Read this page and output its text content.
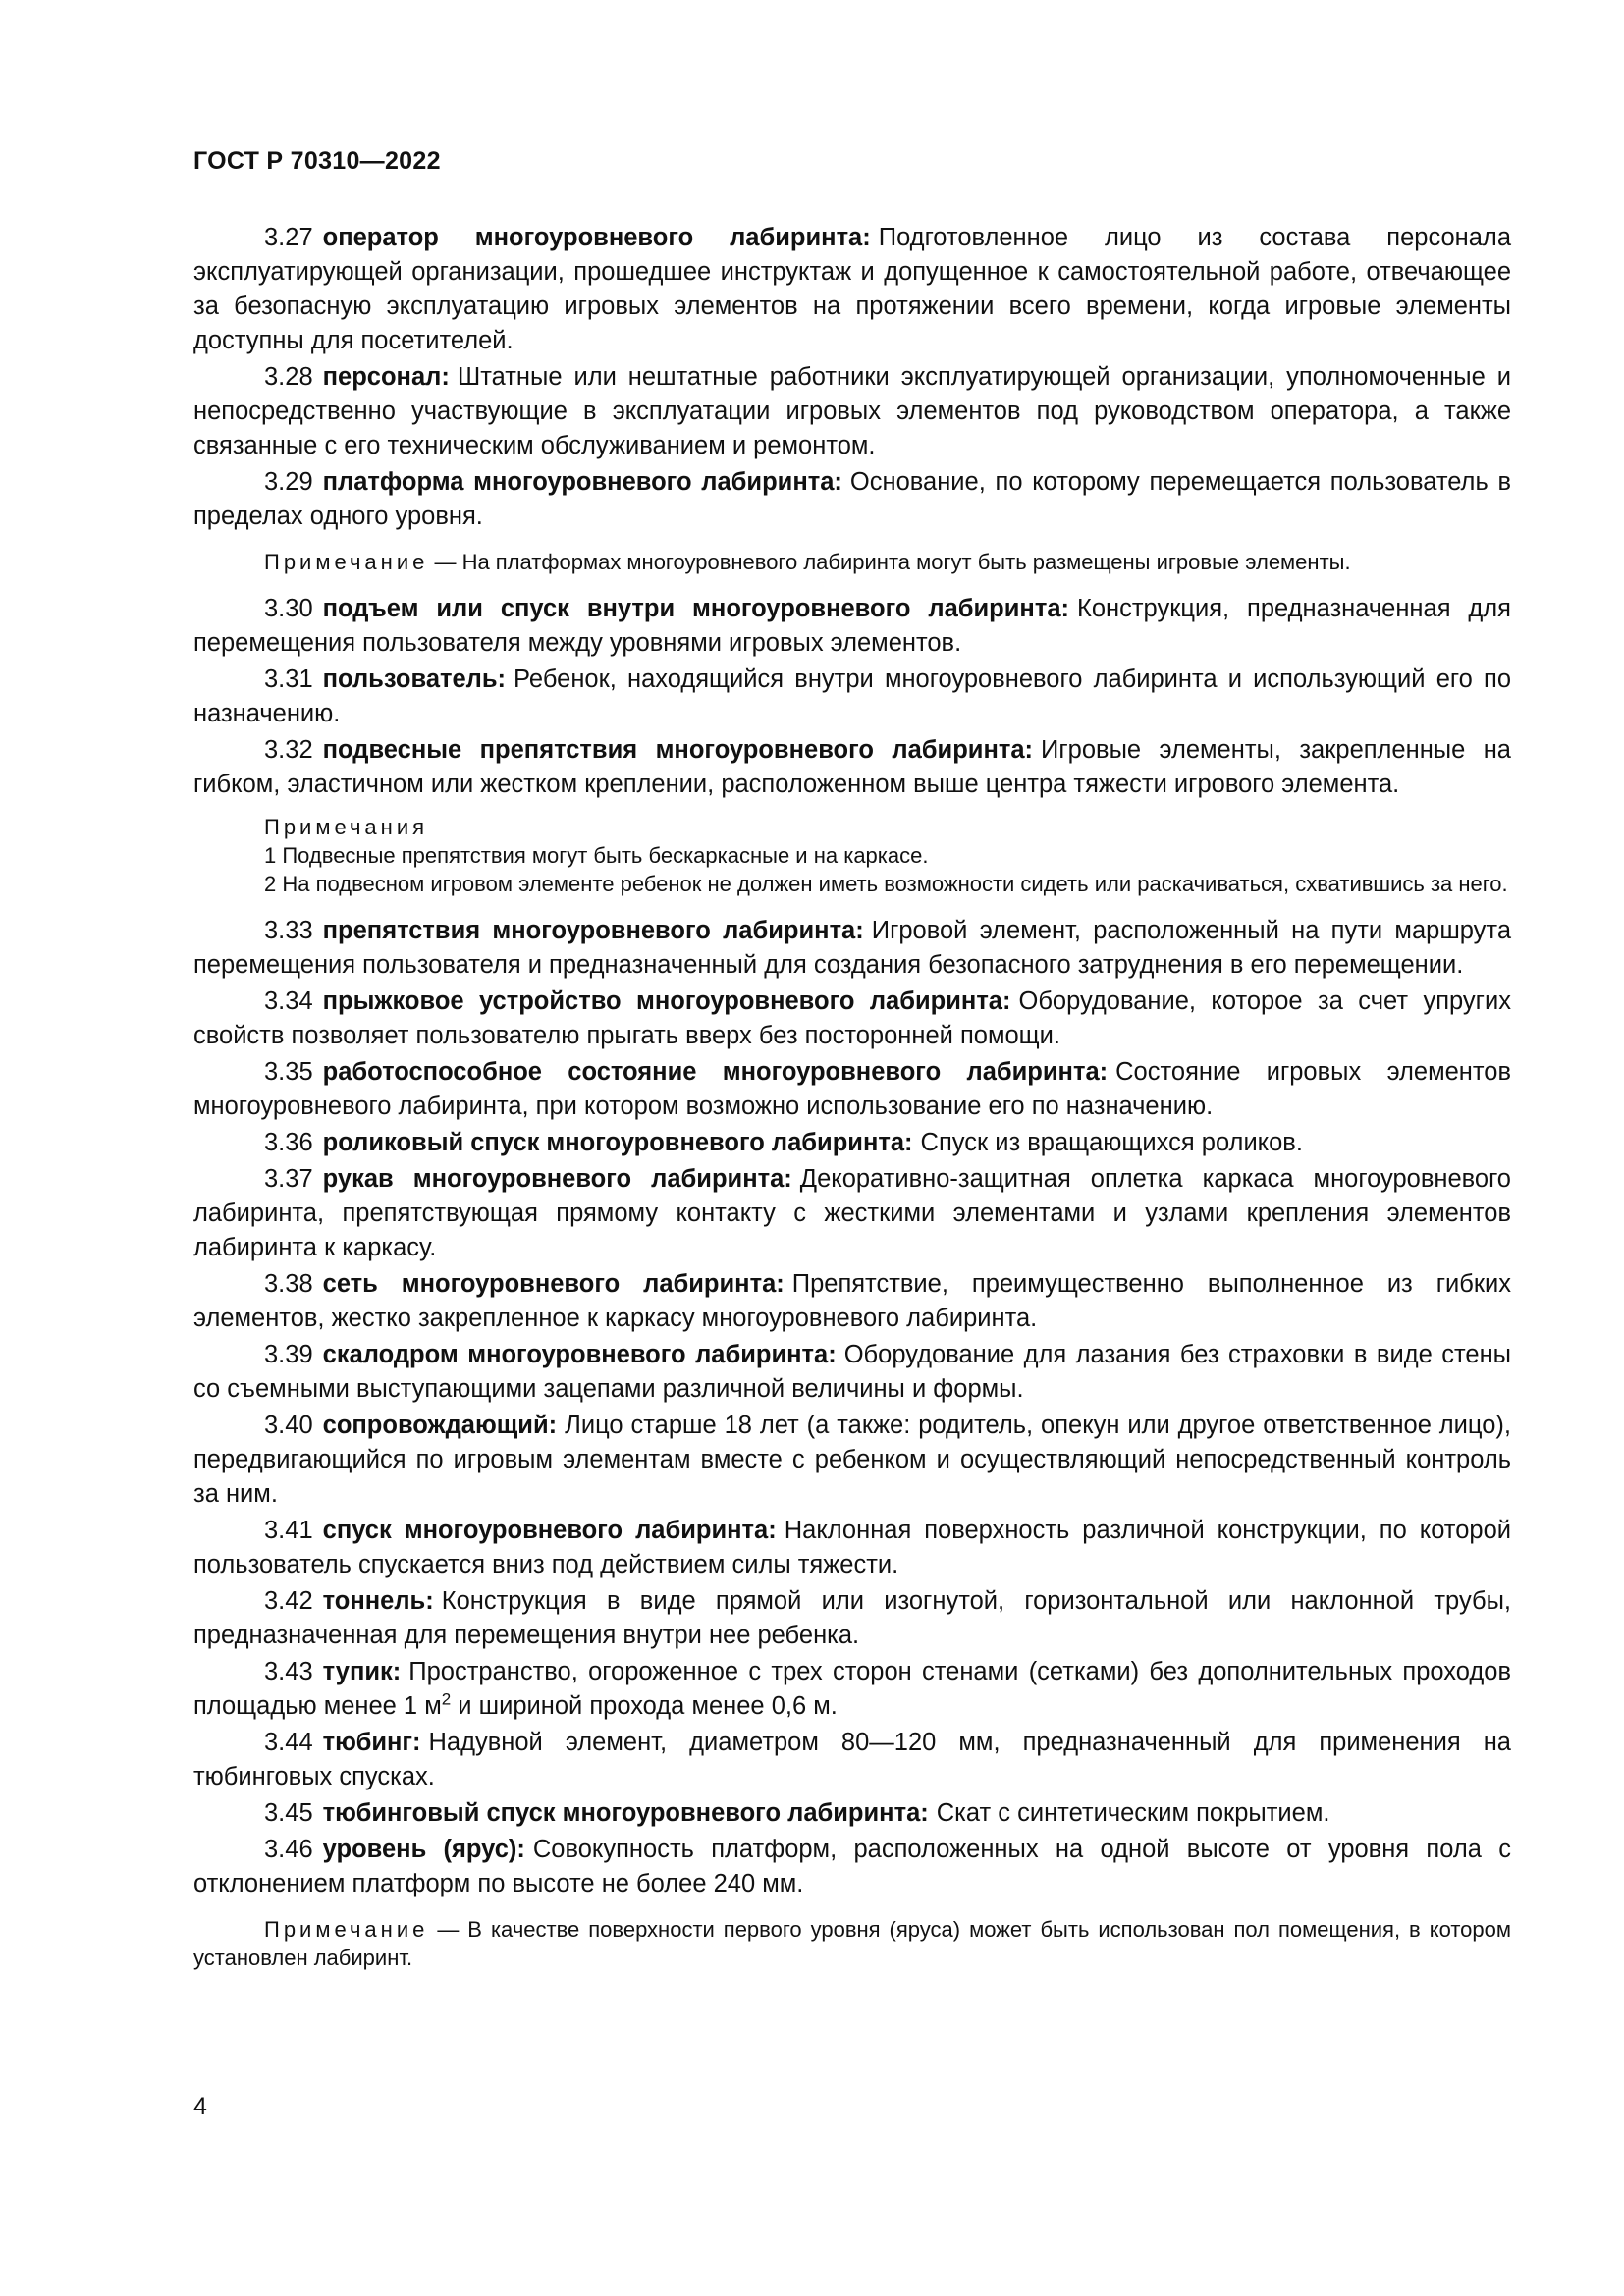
ГОСТ Р 70310—2022

3.27 оператор многоуровневого лабиринта: Подготовленное лицо из состава персонала эксплуатирующей организации, прошедшее инструктаж и допущенное к самостоятельной работе, отвечающее за безопасную эксплуатацию игровых элементов на протяжении всего времени, когда игровые элементы доступны для посетителей.

3.28 персонал: Штатные или нештатные работники эксплуатирующей организации, уполномоченные и непосредственно участвующие в эксплуатации игровых элементов под руководством оператора, а также связанные с его техническим обслуживанием и ремонтом.

3.29 платформа многоуровневого лабиринта: Основание, по которому перемещается пользователь в пределах одного уровня.

Примечание — На платформах многоуровневого лабиринта могут быть размещены игровые элементы.

3.30 подъем или спуск внутри многоуровневого лабиринта: Конструкция, предназначенная для перемещения пользователя между уровнями игровых элементов.

3.31 пользователь: Ребенок, находящийся внутри многоуровневого лабиринта и использующий его по назначению.

3.32 подвесные препятствия многоуровневого лабиринта: Игровые элементы, закрепленные на гибком, эластичном или жестком креплении, расположенном выше центра тяжести игрового элемента.

Примечания

1 Подвесные препятствия могут быть бескаркасные и на каркасе.

2 На подвесном игровом элементе ребенок не должен иметь возможности сидеть или раскачиваться, схватившись за него.

3.33 препятствия многоуровневого лабиринта: Игровой элемент, расположенный на пути маршрута перемещения пользователя и предназначенный для создания безопасного затруднения в его перемещении.

3.34 прыжковое устройство многоуровневого лабиринта: Оборудование, которое за счет упругих свойств позволяет пользователю прыгать вверх без посторонней помощи.

3.35 работоспособное состояние многоуровневого лабиринта: Состояние игровых элементов многоуровневого лабиринта, при котором возможно использование его по назначению.

3.36 роликовый спуск многоуровневого лабиринта: Спуск из вращающихся роликов.

3.37 рукав многоуровневого лабиринта: Декоративно-защитная оплетка каркаса многоуровневого лабиринта, препятствующая прямому контакту с жесткими элементами и узлами крепления элементов лабиринта к каркасу.

3.38 сеть многоуровневого лабиринта: Препятствие, преимущественно выполненное из гибких элементов, жестко закрепленное к каркасу многоуровневого лабиринта.

3.39 скалодром многоуровневого лабиринта: Оборудование для лазания без страховки в виде стены со съемными выступающими зацепами различной величины и формы.

3.40 сопровождающий: Лицо старше 18 лет (а также: родитель, опекун или другое ответственное лицо), передвигающийся по игровым элементам вместе с ребенком и осуществляющий непосредственный контроль за ним.

3.41 спуск многоуровневого лабиринта: Наклонная поверхность различной конструкции, по которой пользователь спускается вниз под действием силы тяжести.

3.42 тоннель: Конструкция в виде прямой или изогнутой, горизонтальной или наклонной трубы, предназначенная для перемещения внутри нее ребенка.

3.43 тупик: Пространство, огороженное с трех сторон стенами (сетками) без дополнительных проходов площадью менее 1 $м^2$ и шириной прохода менее 0,6 м.

3.44 тюбинг: Надувной элемент, диаметром 80—120 мм, предназначенный для применения на тюбинговых спусках.

3.45 тюбинговый спуск многоуровневого лабиринта: Скат с синтетическим покрытием.

3.46 уровень (ярус): Совокупность платформ, расположенных на одной высоте от уровня пола с отклонением платформ по высоте не более 240 мм.

Примечание — В качестве поверхности первого уровня (яруса) может быть использован пол помещения, в котором установлен лабиринт.

4
